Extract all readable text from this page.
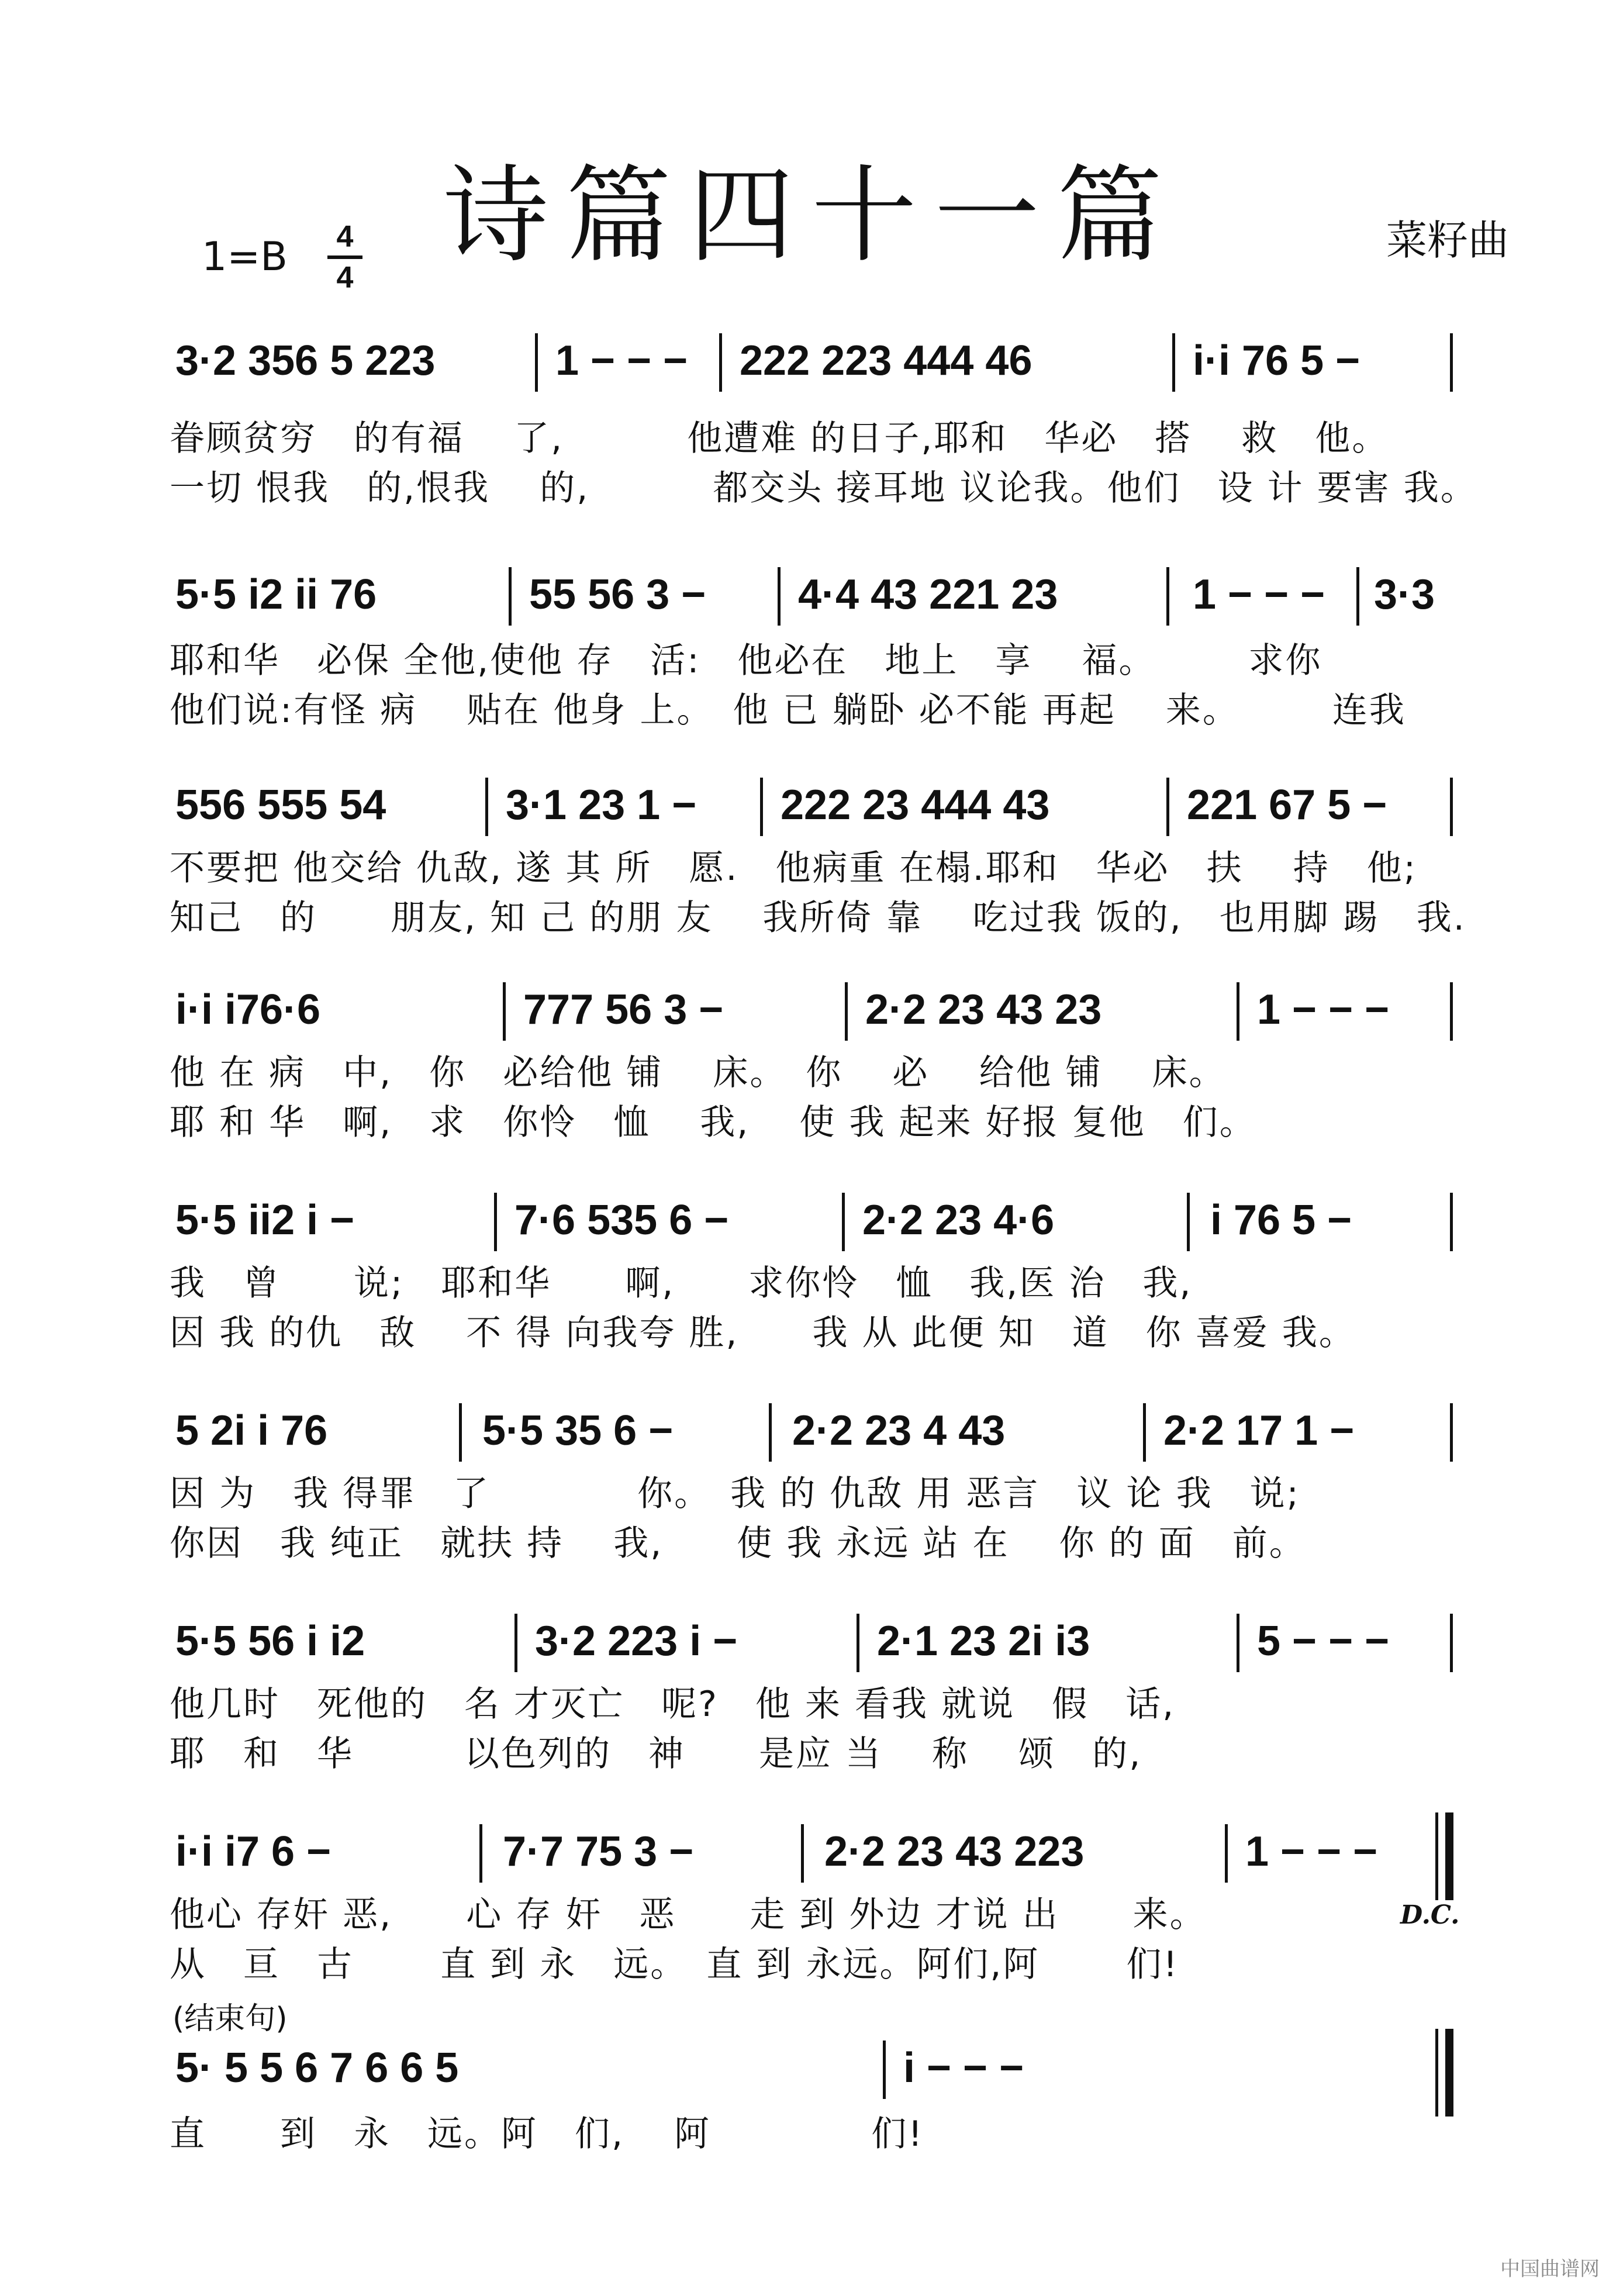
诗篇四十一篇	菜籽曲
1=B 4
4
3·2 356 5 223	1 − − −	222 223 444 46	i·i 76 5 −
眷顾贫穷　的有福　 了,　　　 他遭难 的日子,耶和　华必　搭　 救　他。
一切 恨我　的,恨我　 的,　　　 都交头 接耳地 议论我。他们　设 计 要害 我。
5·5 i2 ii 76	55 56 3 −	4·4 43 221 23	1 − − −	3·3
耶和华　必保 全他,使他 存　活:　他必在　地上　享　 福。　　　求你
他们说:有怪 病　 贴在 他身 上。　他 已 躺卧 必不能 再起　 来。　　　连我
556 555 54	3·1 23 1 −	222 23 444 43	221 67 5 −
不要把 他交给 仇敌, 遂 其 所　愿.　他病重 在榻.耶和　华必　扶　 持　他;
知己　的　　朋友, 知 己 的朋 友　 我所倚 靠　 吃过我 饭的,　也用脚 踢　我.
i·i i76·6	777 56 3 −	2·2 23 43 23	1 − − −
他 在 病　中,　你　必给他 铺　 床。　你　 必　 给他 铺　 床。
耶 和 华　啊,　求　你怜　恤　 我,　 使 我 起来 好报 复他　们。
5·5 ii2 i −	7·6 535 6 −	2·2 23 4·6	i 76 5 −
我　曾　　说;　耶和华　　啊,　　求你怜　恤　我,医 治　我,
因 我 的仇　敌　 不 得 向我夸 胜,　　我 从 此便 知　道　你 喜爱 我。
5 2i i 76	5·5 35 6 −	2·2 23 4 43	2·2 17 1 −
因 为　我 得罪　了　　　　你。　我 的 仇敌 用 恶言　议 论 我　说;
你因　我 纯正　就扶 持　 我,　　使 我 永远 站 在　 你 的 面　前。
5·5 56 i i2	3·2 223 i −	2·1 23 2i i3	5 − − −
他几时　死他的　名 才灭亡　呢?　他 来 看我 就说　假　话,
耶　和　华　　　以色列的　神　　是应 当　 称　 颂　的,
i·i i7 6 −	7·7 75 3 −	2·2 23 43 223	1 − − −
他心 存奸 恶,　　心 存 奸　恶　　走 到 外边 才说 出　　来。
从　亘　古　　 直 到 永　远。　直 到 永远。阿们,阿　　 们!
D.C.
(结束句)
5· 5 5 6 7 6 6 5	i − − −
直　　到　永　远。阿　们,　 阿　　　　 们!
中国曲谱网
